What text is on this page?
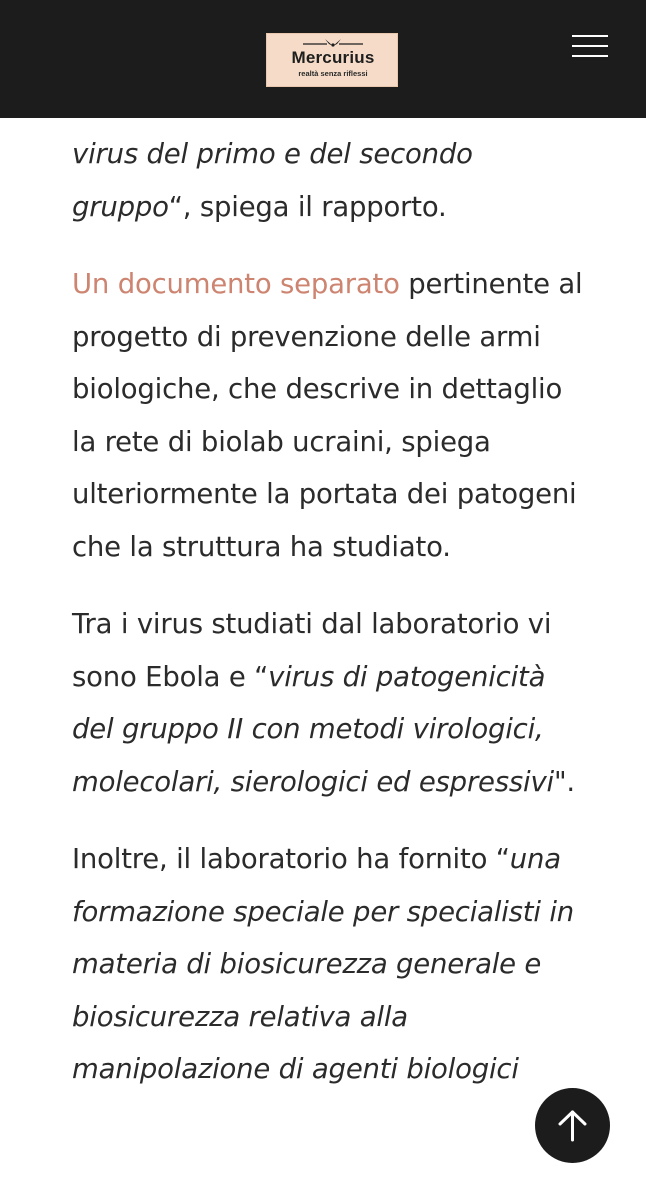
Mercurius
realtà senza riflessi

virus del primo e del secondo gruppo“, spiega il rapporto.

Un documento separato pertinente al progetto di prevenzione delle armi biologiche, che descrive in dettaglio la rete di biolab ucraini, spiega ulteriormente la portata dei patogeni che la struttura ha studiato.

Tra i virus studiati dal laboratorio vi sono Ebola e “virus di patogenicità del gruppo II con metodi virologici, molecolari, sierologici ed espressivi".

Inoltre, il laboratorio ha fornito “una formazione speciale per specialisti in materia di biosicurezza generale e biosicurezza relativa alla manipolazione di agenti biologici
